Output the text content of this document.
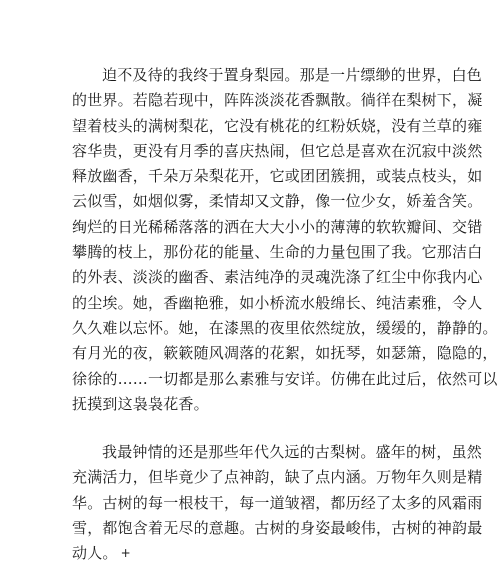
迫不及待的我终于置身梨园。那是一片缥缈的世界，白色
的世界。若隐若现中，阵阵淡淡花香飘散。徜徉在梨树下，凝
望着枝头的满树梨花，它没有桃花的红粉妖娆，没有兰草的雍
容华贵，更没有月季的喜庆热闹，但它总是喜欢在沉寂中淡然
释放幽香，千朵万朵梨花开，它或团团簇拥，或装点枝头，如
云似雪，如烟似雾，柔情却又文静，像一位少女，娇羞含笑。
绚烂的日光稀稀落落的洒在大大小小的薄薄的软软瓣间、交错
攀腾的枝上，那份花的能量、生命的力量包围了我。它那洁白
的外表、淡淡的幽香、素洁纯净的灵魂洗涤了红尘中你我内心
的尘埃。她，香幽艳雅，如小桥流水般绵长、纯洁素雅，令人
久久难以忘怀。她，在漆黑的夜里依然绽放，缓缓的，静静的。
有月光的夜，簌簌随风凋落的花絮，如抚琴，如瑟箫，隐隐的，
徐徐的……一切都是那么素雅与安详。仿佛在此过后，依然可以
抚摸到这袅袅花香。
我最钟情的还是那些年代久远的古梨树。盛年的树，虽然
充满活力，但毕竟少了点神韵，缺了点内涵。万物年久则是精
华。古树的每一根枝干，每一道皱褶，都历经了太多的风霜雨
雪，都饱含着无尽的意趣。古树的身姿最峻伟，古树的神韵最
动人。 +
